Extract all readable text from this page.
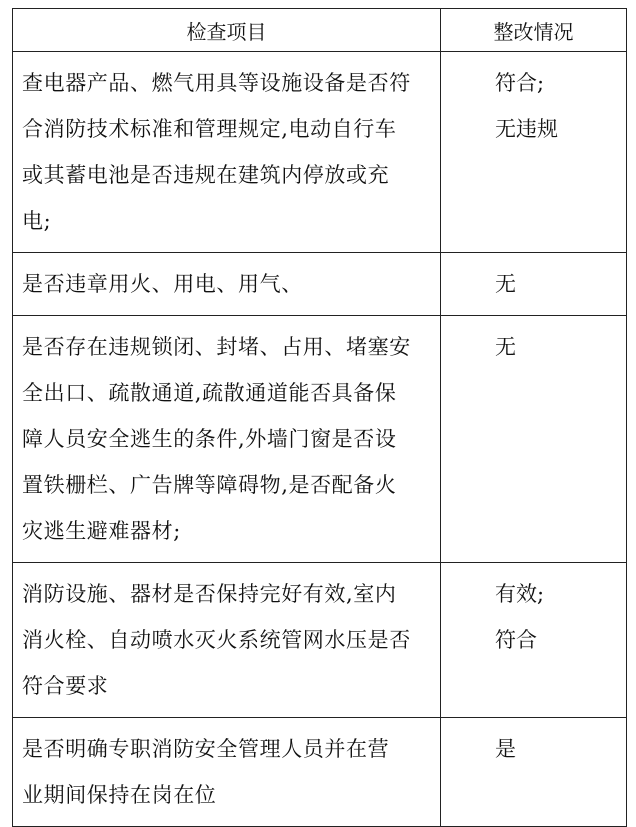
检查项目	整改情况

查电器产品、燃气用具等设施设备是否符
合消防技术标准和管理规定,电动自行车
或其蓄电池是否违规在建筑内停放或充
电;	符合;
无违规

是否违章用火、用电、用气、	无

是否存在违规锁闭、封堵、占用、堵塞安
全出口、疏散通道,疏散通道能否具备保
障人员安全逃生的条件,外墙门窗是否设
置铁栅栏、广告牌等障碍物,是否配备火
灾逃生避难器材;	无

消防设施、器材是否保持完好有效,室内
消火栓、自动喷水灭火系统管网水压是否
符合要求	有效;
符合

是否明确专职消防安全管理人员并在营
业期间保持在岗在位	是
